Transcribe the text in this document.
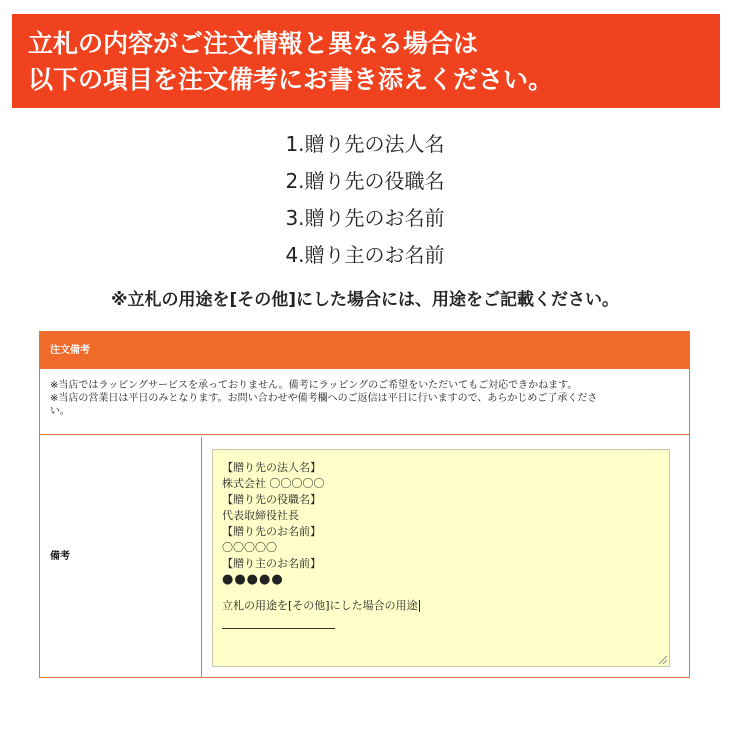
立札の内容がご注文情報と異なる場合は
以下の項目を注文備考にお書き添えください。
1.贈り先の法人名
2.贈り先の役職名
3.贈り先のお名前
4.贈り主のお名前
※立札の用途を[その他]にした場合には、用途をご記載ください。
注文備考
※当店ではラッピングサービスを承っておりません。備考にラッピングのご希望をいただいてもご対応できかねます。
※当店の営業日は平日のみとなります。お問い合わせや備考欄へのご返信は平日に行いますので、あらかじめご了承くださ
い。
備考
【贈り先の法人名】
株式会社 〇〇〇〇〇
【贈り先の役職名】
代表取締役社長
【贈り先のお名前】
〇〇〇〇〇
【贈り主のお名前】
●●●●●
立札の用途を[その他]にした場合の用途
